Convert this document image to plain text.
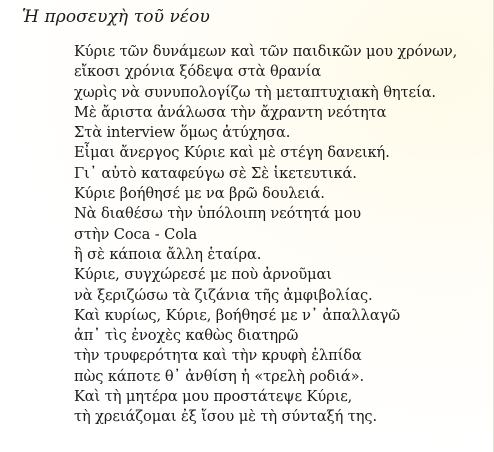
Ἡ προσευχὴ τοῦ νέου
Κύριε τῶν δυνάμεων καὶ τῶν παιδικῶν μου χρόνων,
εἴκοσι χρόνια ξόδεψα στὰ θρανία
χωρὶς νὰ συνυπολογίζω τὴ μεταπτυχιακὴ θητεία.
Μὲ ἄριστα ἀνάλωσα τὴν ἄχραντη νεότητα
Στὰ interview ὅμως ἀτύχησα.
Εἶμαι ἄνεργος Κύριε καὶ μὲ στέγη δανεική.
Γι᾿ αὐτὸ καταφεύγω σὲ Σὲ ἱκετευτικά.
Κύριε βοήθησέ με να βρῶ δουλειά.
Νὰ διαθέσω τὴν ὑπόλοιπη νεότητά μου
στὴν Coca - Cola
ἢ σὲ κάποια ἄλλη ἑταίρα.
Κύριε, συγχώρεσέ με ποὺ ἀρνοῦμαι
νὰ ξεριζώσω τὰ ζιζάνια τῆς ἀμφιβολίας.
Καὶ κυρίως, Κύριε, βοήθησέ με ν᾿ ἀπαλλαγῶ
ἀπ᾿ τὶς ἐνοχὲς καθὼς διατηρῶ
τὴν τρυφερότητα καὶ τὴν κρυφὴ ἐλπίδα
πὼς κάποτε θ᾿ ἀνθίση ἡ «τρελὴ ροδιά».
Καὶ τὴ μητέρα μου προστάτεψε Κύριε,
τὴ χρειάζομαι ἐξ ἴσου μὲ τὴ σύνταξή της.
